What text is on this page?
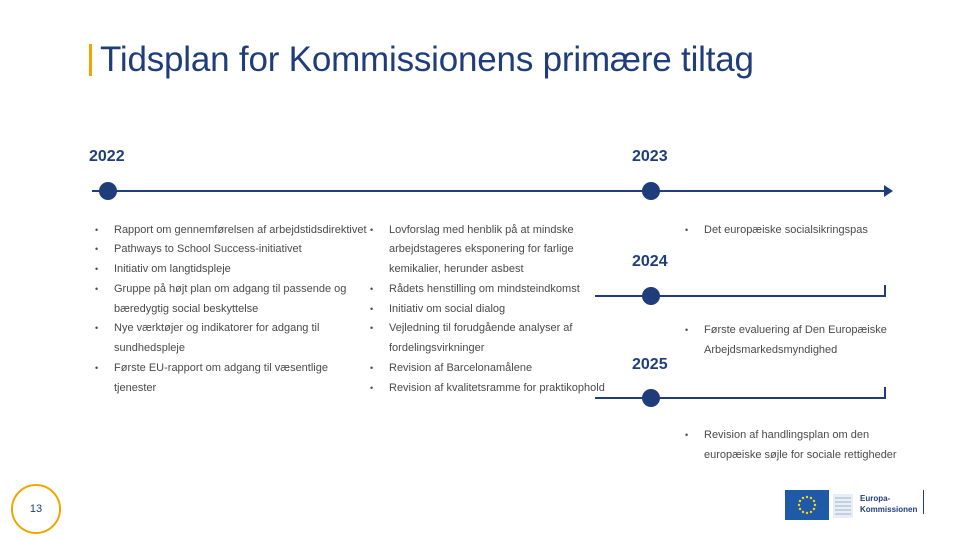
Tidsplan for Kommissionens primære tiltag
2022	2023
2024
2025
• Rapport om gennemførelsen af arbejdstidsdirektivet
• Pathways to School Success-initiativet
• Initiativ om langtidspleje
• Gruppe på højt plan om adgang til passende og
bæredygtig social beskyttelse
• Nye værktøjer og indikatorer for adgang til
sundhedspleje
• Første EU-rapport om adgang til væsentlige
tjenester
• Lovforslag med henblik på at mindske
arbejdstageres eksponering for farlige
kemikalier, herunder asbest
• Rådets henstilling om mindsteindkomst
• Initiativ om social dialog
• Vejledning til forudgående analyser af
fordelingsvirkninger
• Revision af Barcelonamålene
• Revision af kvalitetsramme for praktikophold
• Det europæiske socialsikringspas
• Første evaluering af Den Europæiske
Arbejdsmarkedsmyndighed
• Revision af handlingsplan om den
europæiske søjle for sociale rettigheder
13
Europa-
Kommissionen
